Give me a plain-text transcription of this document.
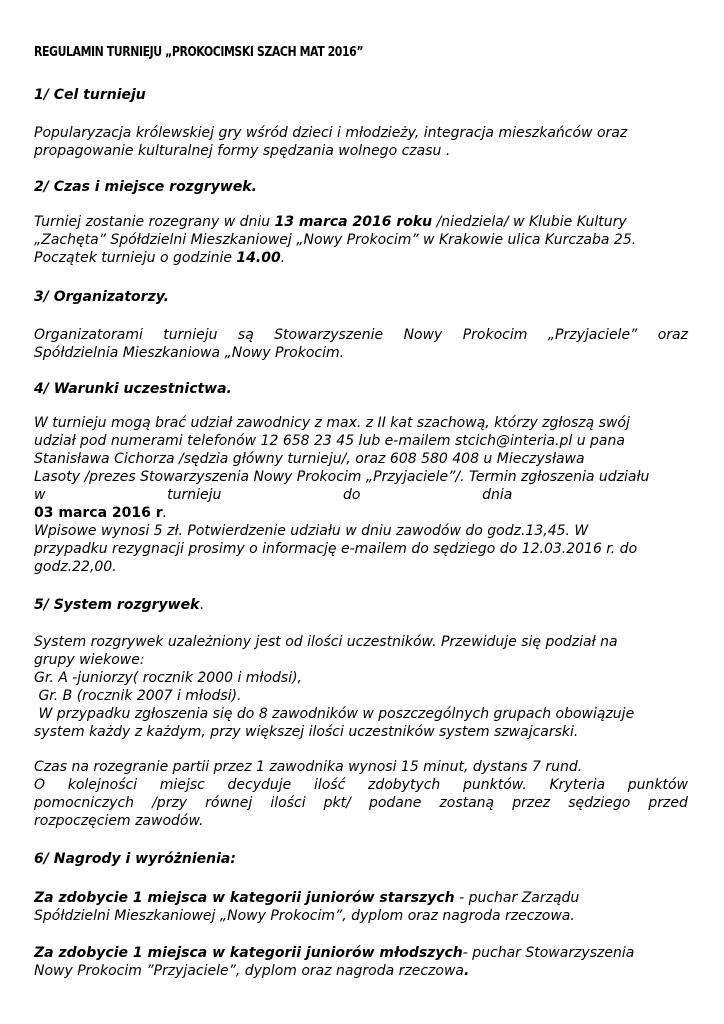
REGULAMIN TURNIEJU „PROKOCIMSKI SZACH MAT 2016”
1/ Cel turnieju
Popularyzacja królewskiej gry wśród dzieci i młodzieży, integracja mieszkańców oraz
propagowanie kulturalnej formy spędzania wolnego czasu .
2/ Czas i miejsce rozgrywek.
Turniej zostanie rozegrany w dniu 13 marca 2016 roku /niedziela/ w Klubie Kultury
„Zachęta” Spółdzielni Mieszkaniowej „Nowy Prokocim” w Krakowie ulica Kurczaba 25.
Początek turnieju o godzinie 14.00.
3/ Organizatorzy.
Organizatorami turnieju są Stowarzyszenie Nowy Prokocim „Przyjaciele” oraz
Spółdzielnia Mieszkaniowa „Nowy Prokocim.
4/ Warunki uczestnictwa.
W turnieju mogą brać udział zawodnicy z max. z II kat szachową, którzy zgłoszą swój
udział pod numerami telefonów 12 658 23 45 lub e-mailem stcich@interia.pl u pana
Stanisława Cichorza /sędzia główny turnieju/, oraz 608 580 408 u Mieczysława
Lasoty /prezes Stowarzyszenia Nowy Prokocim „Przyjaciele”/. Termin zgłoszenia udziału
w	turnieju	do	dnia
03 marca 2016 r.
Wpisowe wynosi 5 zł. Potwierdzenie udziału w dniu zawodów do godz.13,45. W
przypadku rezygnacji prosimy o informację e-mailem do sędziego do 12.03.2016 r. do
godz.22,00.
5/ System rozgrywek.
System rozgrywek uzależniony jest od ilości uczestników. Przewiduje się podział na
grupy wiekowe:
Gr. A -juniorzy( rocznik 2000 i młodsi),
Gr. B (rocznik 2007 i młodsi).
W przypadku zgłoszenia się do 8 zawodników w poszczególnych grupach obowiązuje
system każdy z każdym, przy większej ilości uczestników system szwajcarski.
Czas na rozegranie partii przez 1 zawodnika wynosi 15 minut, dystans 7 rund.
O kolejności miejsc decyduje ilość zdobytych punktów. Kryteria punktów
pomocniczych /przy równej ilości pkt/ podane zostaną przez sędziego przed
rozpoczęciem zawodów.
6/ Nagrody i wyróżnienia:
Za zdobycie 1 miejsca w kategorii juniorów starszych - puchar Zarządu
Spółdzielni Mieszkaniowej „Nowy Prokocim”, dyplom oraz nagroda rzeczowa.
Za zdobycie 1 miejsca w kategorii juniorów młodszych- puchar Stowarzyszenia
Nowy Prokocim ”Przyjaciele”, dyplom oraz nagroda rzeczowa.
